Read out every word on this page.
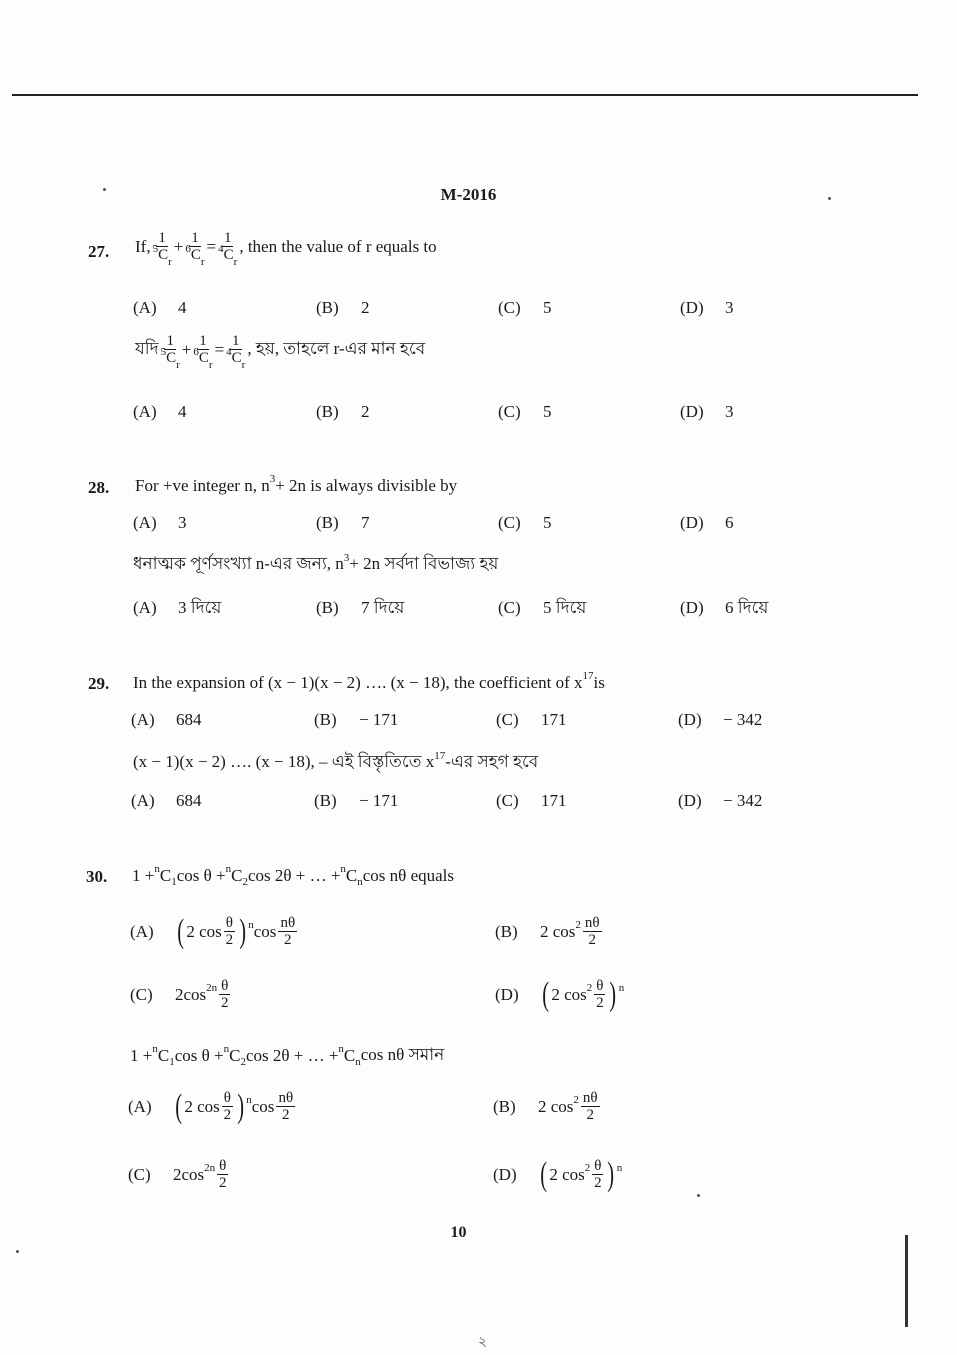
M-2016
27. If, $\frac{1}{^5C_r} + \frac{1}{^6C_r} = \frac{1}{^4C_r}$ , then the value of r equals to
(A) 4	(B) 2	(C) 5	(D) 3
যদি $\frac{1}{^5C_r} + \frac{1}{^6C_r} = \frac{1}{^4C_r}$ , হয়, তাহলে r-এর মান হবে
(A) 4	(B) 2	(C) 5	(D) 3
28. For +ve integer n, n 3 + 2n is always divisible by
(A) 3	(B) 7	(C) 5	(D) 6
ধনাত্মক পূর্ণসংখ্যা n-এর জন্য, n 3 + 2n সর্বদা বিভাজ্য হয়
(A) 3 দিয়ে	(B) 7 দিয়ে	(C) 5 দিয়ে	(D) 6 দিয়ে
29. In the expansion of (x − 1)(x − 2) …. (x − 18), the coefficient of x 17 is
(A) 684	(B) − 171	(C) 171	(D) − 342
(x − 1)(x − 2) …. (x − 18), – এই বিস্তৃতিতে x 17 -এর সহগ হবে
(A) 684	(B) − 171	(C) 171	(D) − 342
30. 1 + n C 1 cos θ + n C 2 cos 2θ + … + n C n cos nθ equals
(A) ( 2 $\cos \frac{\theta}{2}$ ) n $\cos \frac{n\theta}{2}$	(B)	2 $\cos 2 \frac{n\theta}{2}$
(C)	2cos $2n \frac{\theta}{2}$	(D) ( 2 $\cos 2 \frac{\theta}{2}$ ) n
1 + n C 1 cos θ + n C 2 cos 2θ + … + n C n cos nθ সমান
(A) ( 2 $\cos \frac{\theta}{2}$ ) n $\cos \frac{n\theta}{2}$	(B)	2 $\cos 2 \frac{n\theta}{2}$
(C)	2cos $2n \frac{\theta}{2}$	(D) ( 2 $\cos 2 \frac{\theta}{2}$ ) n
10
২
